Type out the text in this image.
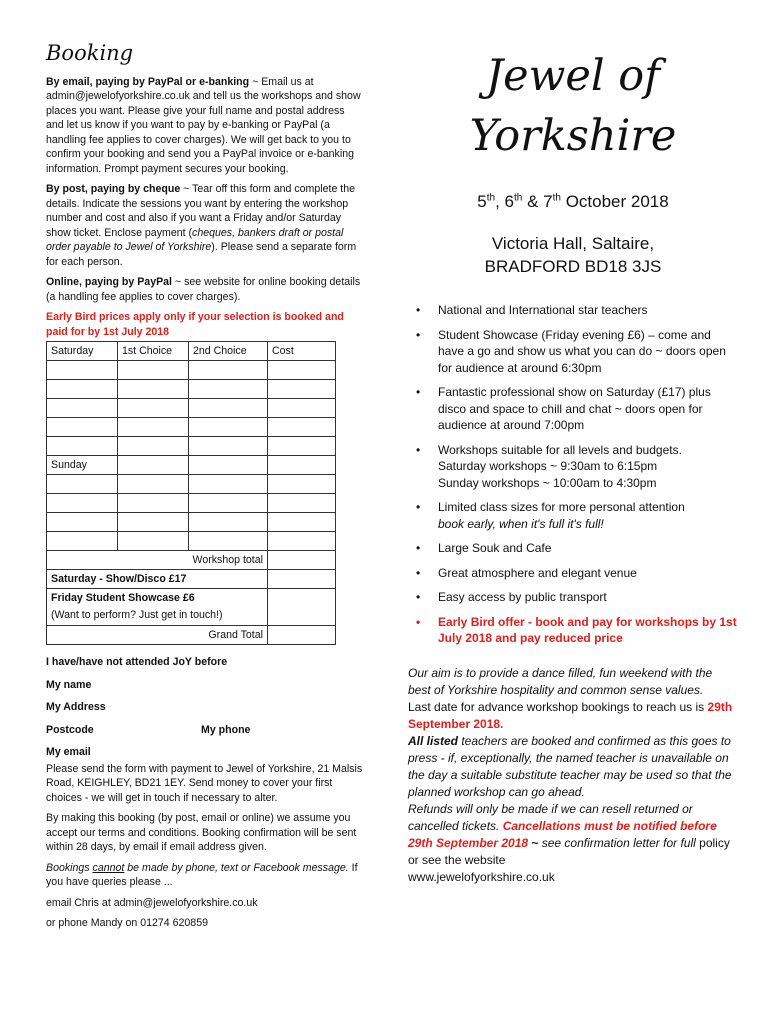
Booking

By email, paying by PayPal or e-banking ~ Email us at admin@jewelofyorkshire.co.uk and tell us the workshops and show places you want. Please give your full name and postal address and let us know if you want to pay by e-banking or PayPal (a handling fee applies to cover charges). We will get back to you to confirm your booking and send you a PayPal invoice or e-banking information. Prompt payment secures your booking.

By post, paying by cheque ~ Tear off this form and complete the details. Indicate the sessions you want by entering the workshop number and cost and also if you want a Friday and/or Saturday show ticket. Enclose payment (cheques, bankers draft or postal order payable to Jewel of Yorkshire). Please send a separate form for each person.

Online, paying by PayPal ~ see website for online booking details (a handling fee applies to cover charges).

Early Bird prices apply only if your selection is booked and paid for by 1st July 2018

Saturday	1st Choice	2nd Choice	Cost

Sunday			

Workshop total			
Saturday - Show/Disco £17			

Friday Student Showcase £6
(Want to perform? Just get in touch!)			

Grand Total			

I have/have not attended JoY before

My name

My Address

Postcode	My phone

My email

Please send the form with payment to Jewel of Yorkshire, 21 Malsis Road, KEIGHLEY, BD21 1EY. Send money to cover your first choices - we will get in touch if necessary to alter.

By making this booking (by post, email or online) we assume you accept our terms and conditions. Booking confirmation will be sent within 28 days, by email if email address given.

Bookings cannot be made by phone, text or Facebook message. If you have queries please ...

email Chris at admin@jewelofyorkshire.co.uk

or phone Mandy on 01274 620859

Jewel of
Yorkshire
5th, 6th & 7th October 2018
Victoria Hall, Saltaire,
BRADFORD BD18 3JS
• National and International star teachers
• Student Showcase (Friday evening £6) – come and have a go and show us what you can do ~ doors open for audience at around 6:30pm
• Fantastic professional show on Saturday (£17) plus disco and space to chill and chat ~ doors open for audience at around 7:00pm
• Workshops suitable for all levels and budgets.
Saturday workshops ~ 9:30am to 6:15pm
Sunday workshops ~ 10:00am to 4:30pm
• Limited class sizes for more personal attention
book early, when it's full it's full!
• Large Souk and Cafe
• Great atmosphere and elegant venue
• Easy access by public transport
• Early Bird offer - book and pay for workshops by 1st July 2018 and pay reduced price
Our aim is to provide a dance filled, fun weekend with the best of Yorkshire hospitality and common sense values.
Last date for advance workshop bookings to reach us is 29th September 2018.
All listed teachers are booked and confirmed as this goes to press - if, exceptionally, the named teacher is unavailable on the day a suitable substitute teacher may be used so that the planned workshop can go ahead.
Refunds will only be made if we can resell returned or cancelled tickets. Cancellations must be notified before 29th September 2018 ~ see confirmation letter for full policy or see the website
www.jewelofyorkshire.co.uk
